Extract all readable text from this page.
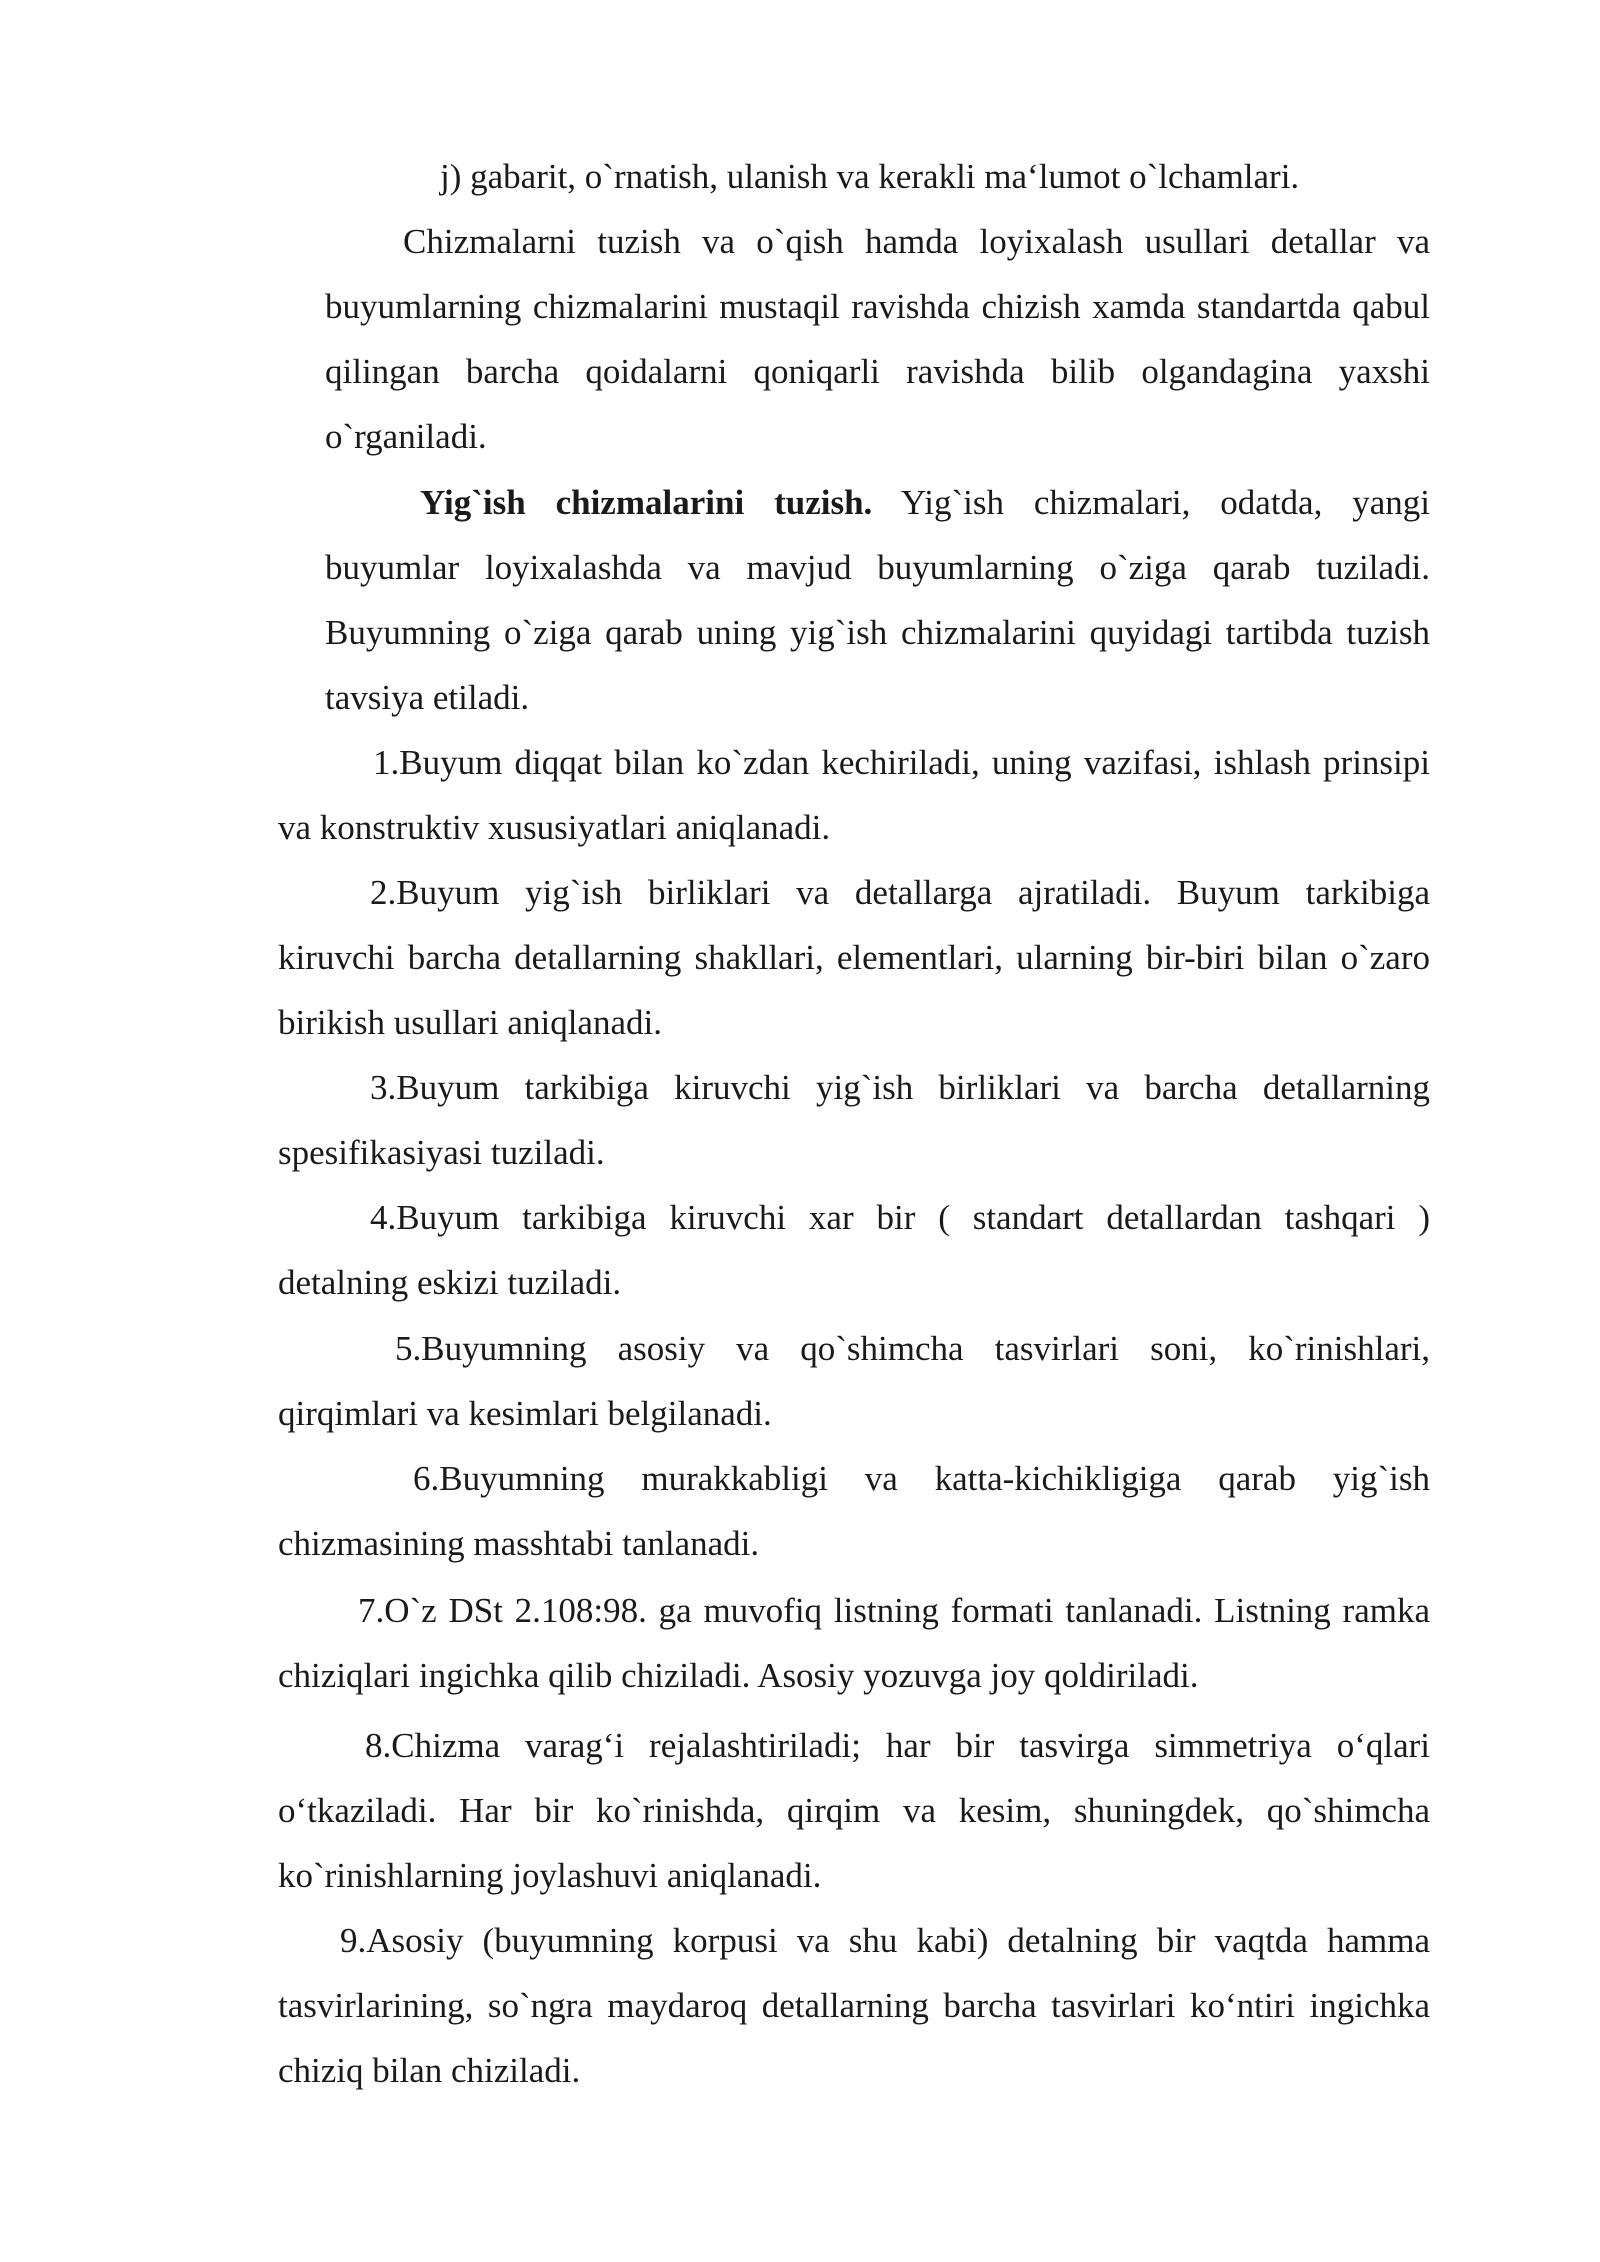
j) gabarit, o`rnatish, ulanish va kerakli ma‘lumot o`lchamlari.

Chizmalarni tuzish va o`qish hamda loyixalash usullari detallar va buyumlarning chizmalarini mustaqil ravishda chizish xamda standartda qabul qilingan barcha qoidalarni qoniqarli ravishda bilib olgandagina yaxshi o`rganiladi.

Yig`ish chizmalarini tuzish. Yig`ish chizmalari, odatda, yangi buyumlar loyixalashda va mavjud buyumlarning o`ziga qarab tuziladi. Buyumning o`ziga qarab uning yig`ish chizmalarini quyidagi tartibda tuzish tavsiya etiladi.

1.Buyum diqqat bilan ko`zdan kechiriladi, uning vazifasi, ishlash prinsipi va konstruktiv xususiyatlari aniqlanadi.

2.Buyum yig`ish birliklari va detallarga ajratiladi. Buyum tarkibiga kiruvchi barcha detallarning shakllari, elementlari, ularning bir-biri bilan o`zaro birikish usullari aniqlanadi.

3.Buyum tarkibiga kiruvchi yig`ish birliklari va barcha detallarning spesifikasiyasi tuziladi.

4.Buyum tarkibiga kiruvchi xar bir ( standart detallardan tashqari ) detalning eskizi tuziladi.

5.Buyumning asosiy va qo`shimcha tasvirlari soni, ko`rinishlari, qirqimlari va kesimlari belgilanadi.

6.Buyumning murakkabligi va katta-kichikligiga qarab yig`ish chizmasining masshtabi tanlanadi.

7.O`z DSt 2.108:98. ga muvofiq listning formati tanlanadi. Listning ramka chiziqlari ingichka qilib chiziladi. Asosiy yozuvga joy qoldiriladi.

8.Chizma varag‘i rejalashtiriladi; har bir tasvirga simmetriya o‘qlari o‘tkaziladi. Har bir ko`rinishda, qirqim va kesim, shuningdek, qo`shimcha ko`rinishlarning joylashuvi aniqlanadi.

9.Asosiy (buyumning korpusi va shu kabi) detalning bir vaqtda hamma tasvirlarining, so`ngra maydaroq detallarning barcha tasvirlari ko‘ntiri ingichka chiziq bilan chiziladi.
